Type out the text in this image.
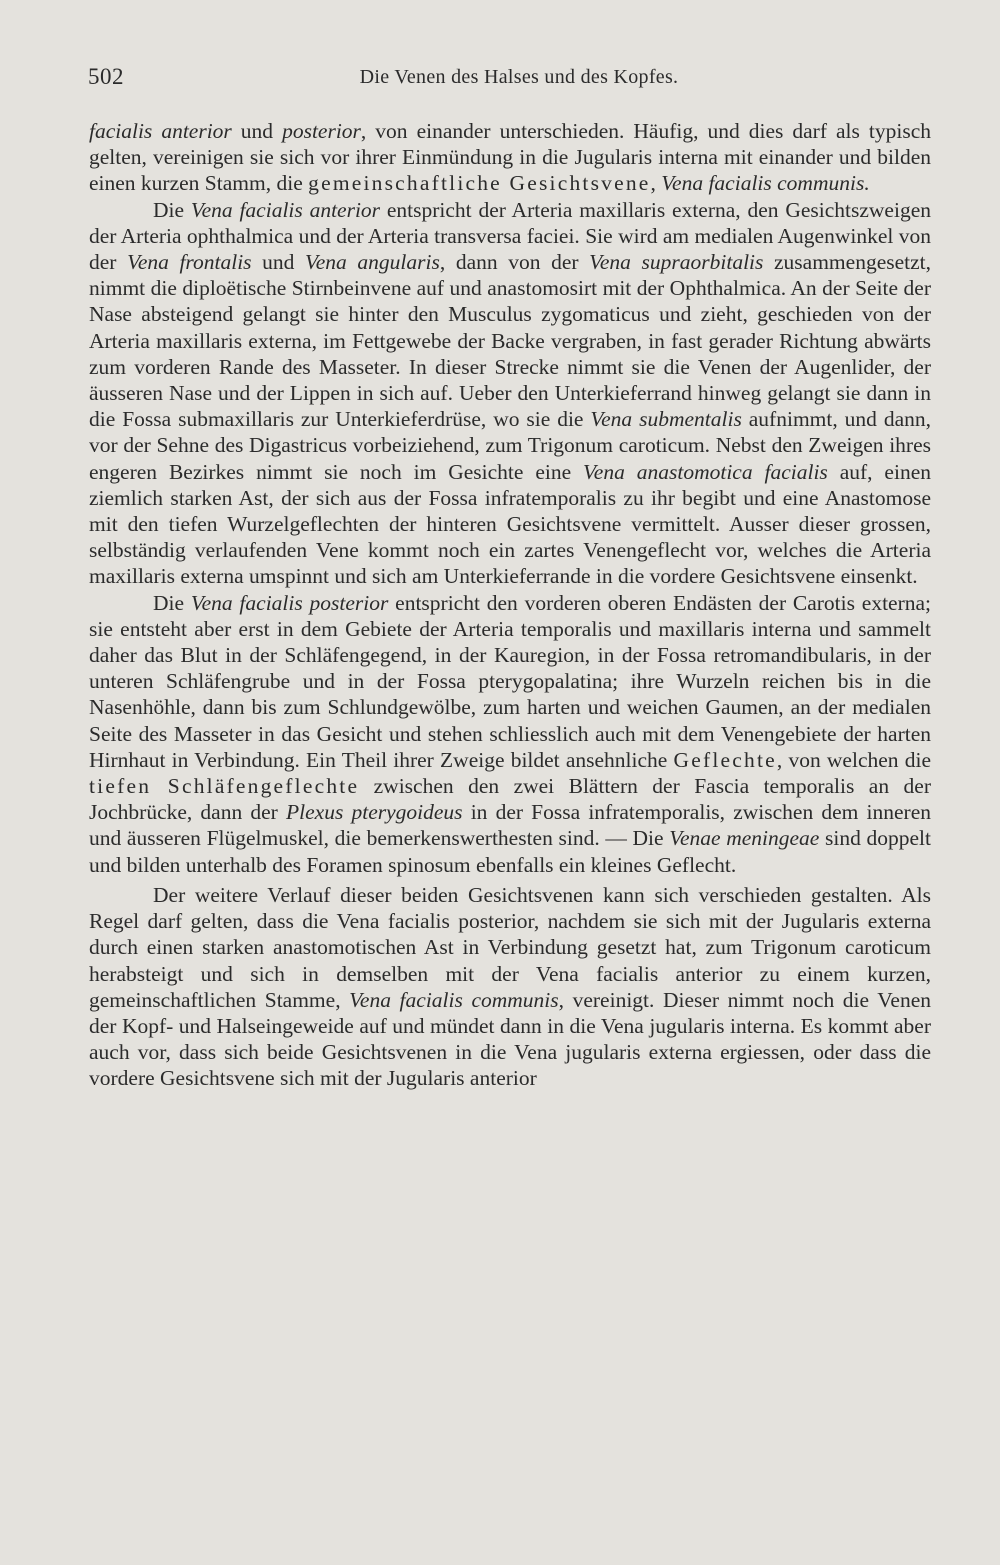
502	Die Venen des Halses und des Kopfes.

facialis anterior und posterior, von einander unterschieden. Häufig, und dies darf als typisch gelten, vereinigen sie sich vor ihrer Einmündung in die Jugularis interna mit einander und bilden einen kurzen Stamm, die gemeinschaftliche Gesichtsvene, Vena facialis communis.

Die Vena facialis anterior entspricht der Arteria maxillaris externa, den Gesichtszweigen der Arteria ophthalmica und der Arteria transversa faciei. Sie wird am medialen Augenwinkel von der Vena frontalis und Vena angularis, dann von der Vena supraorbitalis zusammengesetzt, nimmt die diploëtische Stirnbeinvene auf und anastomosirt mit der Ophthalmica. An der Seite der Nase absteigend gelangt sie hinter den Musculus zygomaticus und zieht, geschieden von der Arteria maxillaris externa, im Fettgewebe der Backe vergraben, in fast gerader Richtung abwärts zum vorderen Rande des Masseter. In dieser Strecke nimmt sie die Venen der Augenlider, der äusseren Nase und der Lippen in sich auf. Ueber den Unterkieferrand hinweg gelangt sie dann in die Fossa submaxillaris zur Unterkieferdrüse, wo sie die Vena submentalis aufnimmt, und dann, vor der Sehne des Digastricus vorbeiziehend, zum Trigonum caroticum. Nebst den Zweigen ihres engeren Bezirkes nimmt sie noch im Gesichte eine Vena anastomotica facialis auf, einen ziemlich starken Ast, der sich aus der Fossa infratemporalis zu ihr begibt und eine Anastomose mit den tiefen Wurzelgeflechten der hinteren Gesichtsvene vermittelt. Ausser dieser grossen, selbständig verlaufenden Vene kommt noch ein zartes Venengeflecht vor, welches die Arteria maxillaris externa umspinnt und sich am Unterkieferrande in die vordere Gesichtsvene einsenkt.

Die Vena facialis posterior entspricht den vorderen oberen Endästen der Carotis externa; sie entsteht aber erst in dem Gebiete der Arteria temporalis und maxillaris interna und sammelt daher das Blut in der Schläfengegend, in der Kauregion, in der Fossa retromandibularis, in der unteren Schläfengrube und in der Fossa pterygopalatina; ihre Wurzeln reichen bis in die Nasenhöhle, dann bis zum Schlundgewölbe, zum harten und weichen Gaumen, an der medialen Seite des Masseter in das Gesicht und stehen schliesslich auch mit dem Venengebiete der harten Hirnhaut in Verbindung. Ein Theil ihrer Zweige bildet ansehnliche Geflechte, von welchen die tiefen Schläfengeflechte zwischen den zwei Blättern der Fascia temporalis an der Jochbrücke, dann der Plexus pterygoideus in der Fossa infratemporalis, zwischen dem inneren und äusseren Flügelmuskel, die bemerkenswerthesten sind. — Die Venae meningeae sind doppelt und bilden unterhalb des Foramen spinosum ebenfalls ein kleines Geflecht.

Der weitere Verlauf dieser beiden Gesichtsvenen kann sich verschieden gestalten. Als Regel darf gelten, dass die Vena facialis posterior, nachdem sie sich mit der Jugularis externa durch einen starken anastomotischen Ast in Verbindung gesetzt hat, zum Trigonum caroticum herabsteigt und sich in demselben mit der Vena facialis anterior zu einem kurzen, gemeinschaftlichen Stamme, Vena facialis communis, vereinigt. Dieser nimmt noch die Venen der Kopf- und Halseingeweide auf und mündet dann in die Vena jugularis interna. Es kommt aber auch vor, dass sich beide Gesichtsvenen in die Vena jugularis externa ergiessen, oder dass die vordere Gesichtsvene sich mit der Jugularis anterior
